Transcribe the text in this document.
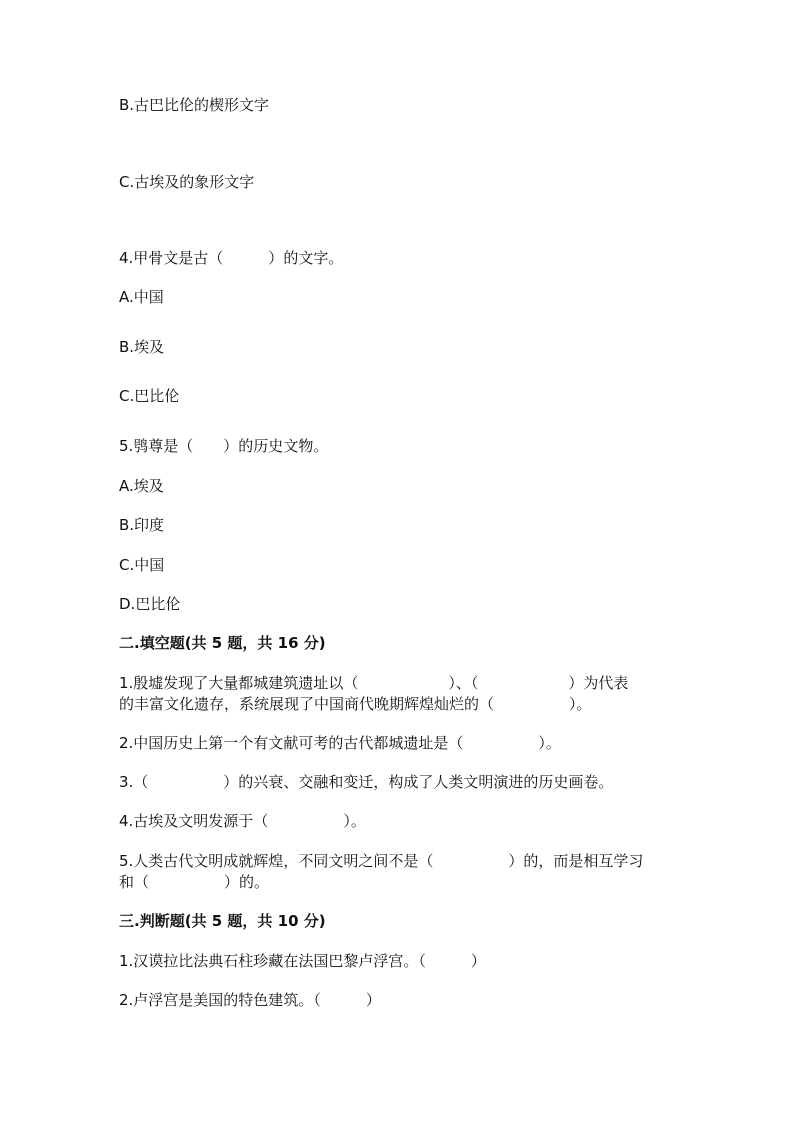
B.古巴比伦的楔形文字

C.古埃及的象形文字

4.甲骨文是古（　　　）的文字。

A.中国

B.埃及

C.巴比伦

5.鸮尊是（　　）的历史文物。

A.埃及

B.印度

C.中国

D.巴比伦

二.填空题(共 5 题，共 16 分)

1.殷墟发现了大量都城建筑遗址以（　　　　　　）、（　　　　　　）为代表

的丰富文化遗存，系统展现了中国商代晚期辉煌灿烂的（　　　　　）。

2.中国历史上第一个有文献可考的古代都城遗址是（　　　　　）。

3.（　　　　　）的兴衰、交融和变迁，构成了人类文明演进的历史画卷。

4.古埃及文明发源于（　　　　　）。

5.人类古代文明成就辉煌，不同文明之间不是（　　　　　）的，而是相互学习

和（　　　　　）的。

三.判断题(共 5 题，共 10 分)

1.汉谟拉比法典石柱珍藏在法国巴黎卢浮宫。（　　　）

2.卢浮宫是美国的特色建筑。（　　　）
